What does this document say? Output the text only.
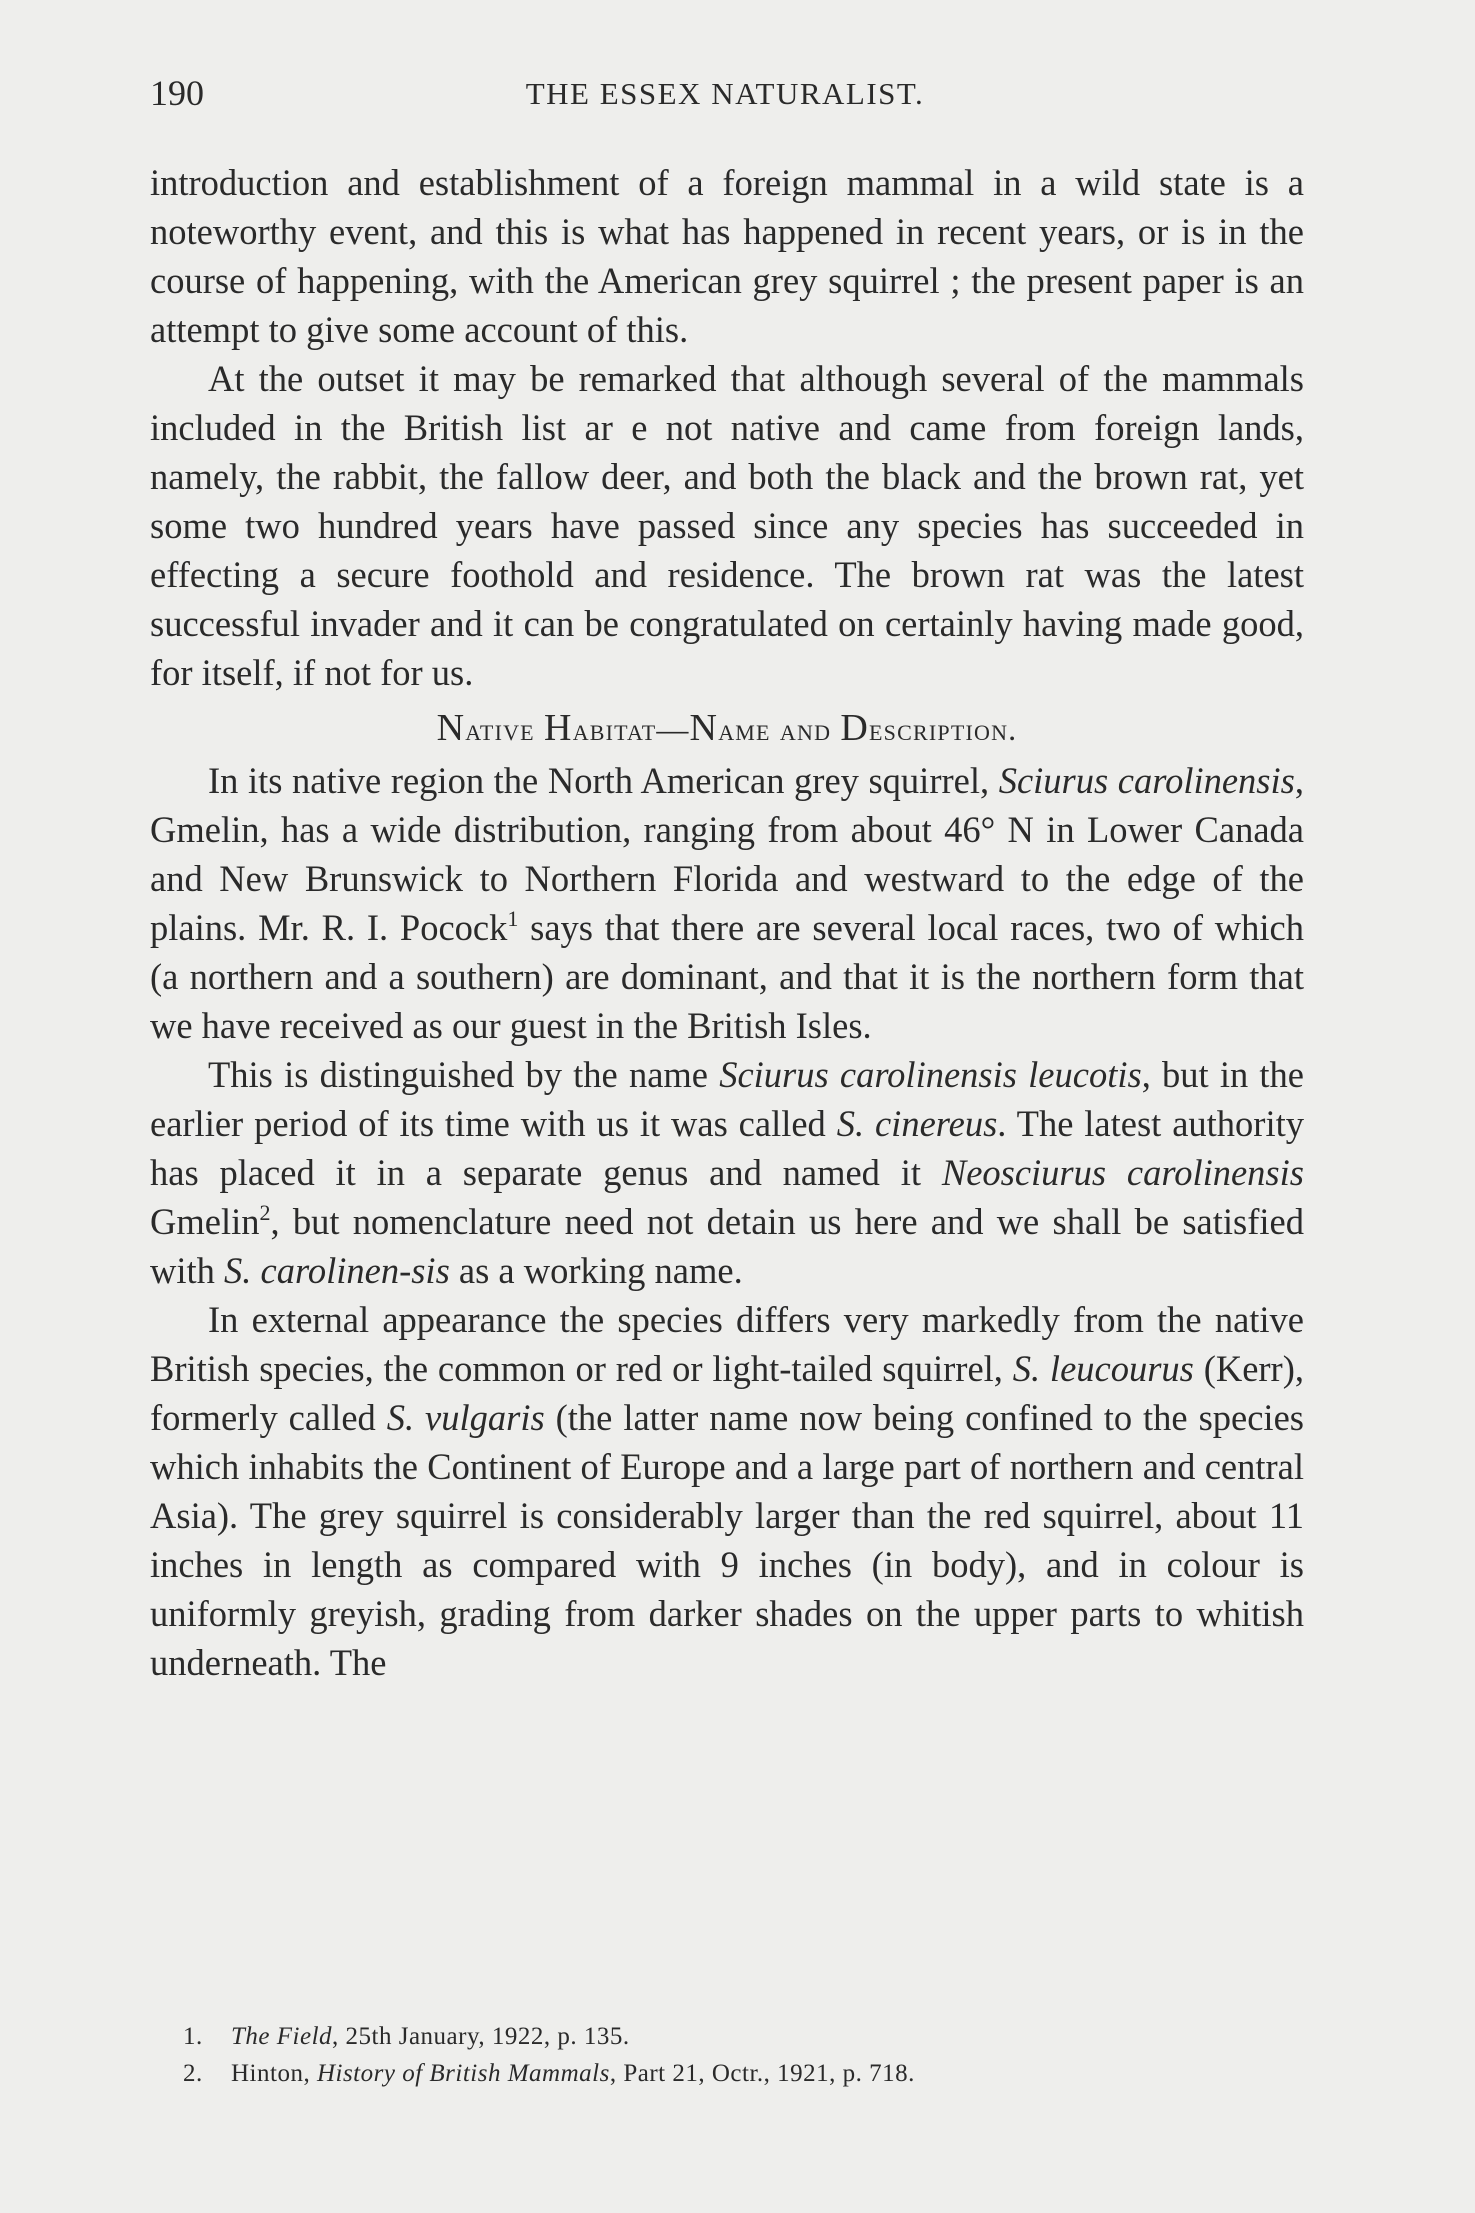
190	THE ESSEX NATURALIST.

introduction and establishment of a foreign mammal in a wild state is a noteworthy event, and this is what has happened in recent years, or is in the course of happening, with the American grey squirrel ; the present paper is an attempt to give some account of this.

At the outset it may be remarked that although several of the mammals included in the British list ar e not native and came from foreign lands, namely, the rabbit, the fallow deer, and both the black and the brown rat, yet some two hundred years have passed since any species has succeeded in effecting a secure foothold and residence. The brown rat was the latest successful invader and it can be congratulated on certainly having made good, for itself, if not for us.

Native Habitat—Name and Description.

In its native region the North American grey squirrel, Sciurus carolinensis, Gmelin, has a wide distribution, ranging from about 46° N in Lower Canada and New Brunswick to Northern Florida and westward to the edge of the plains. Mr. R. I. Pocock$^1$ says that there are several local races, two of which (a northern and a southern) are dominant, and that it is the northern form that we have received as our guest in the British Isles.

This is distinguished by the name Sciurus carolinensis leucotis, but in the earlier period of its time with us it was called S. cinereus. The latest authority has placed it in a separate genus and named it Neosciurus carolinensis Gmelin$^2$, but nomenclature need not detain us here and we shall be satisfied with S. carolinen-sis as a working name.

In external appearance the species differs very markedly from the native British species, the common or red or light-tailed squirrel, S. leucourus (Kerr), formerly called S. vulgaris (the latter name now being confined to the species which inhabits the Continent of Europe and a large part of northern and central Asia). The grey squirrel is considerably larger than the red squirrel, about 11 inches in length as compared with 9 inches (in body), and in colour is uniformly greyish, grading from darker shades on the upper parts to whitish underneath. The

1. The Field, 25th January, 1922, p. 135.
2. Hinton, History of British Mammals, Part 21, Octr., 1921, p. 718.
